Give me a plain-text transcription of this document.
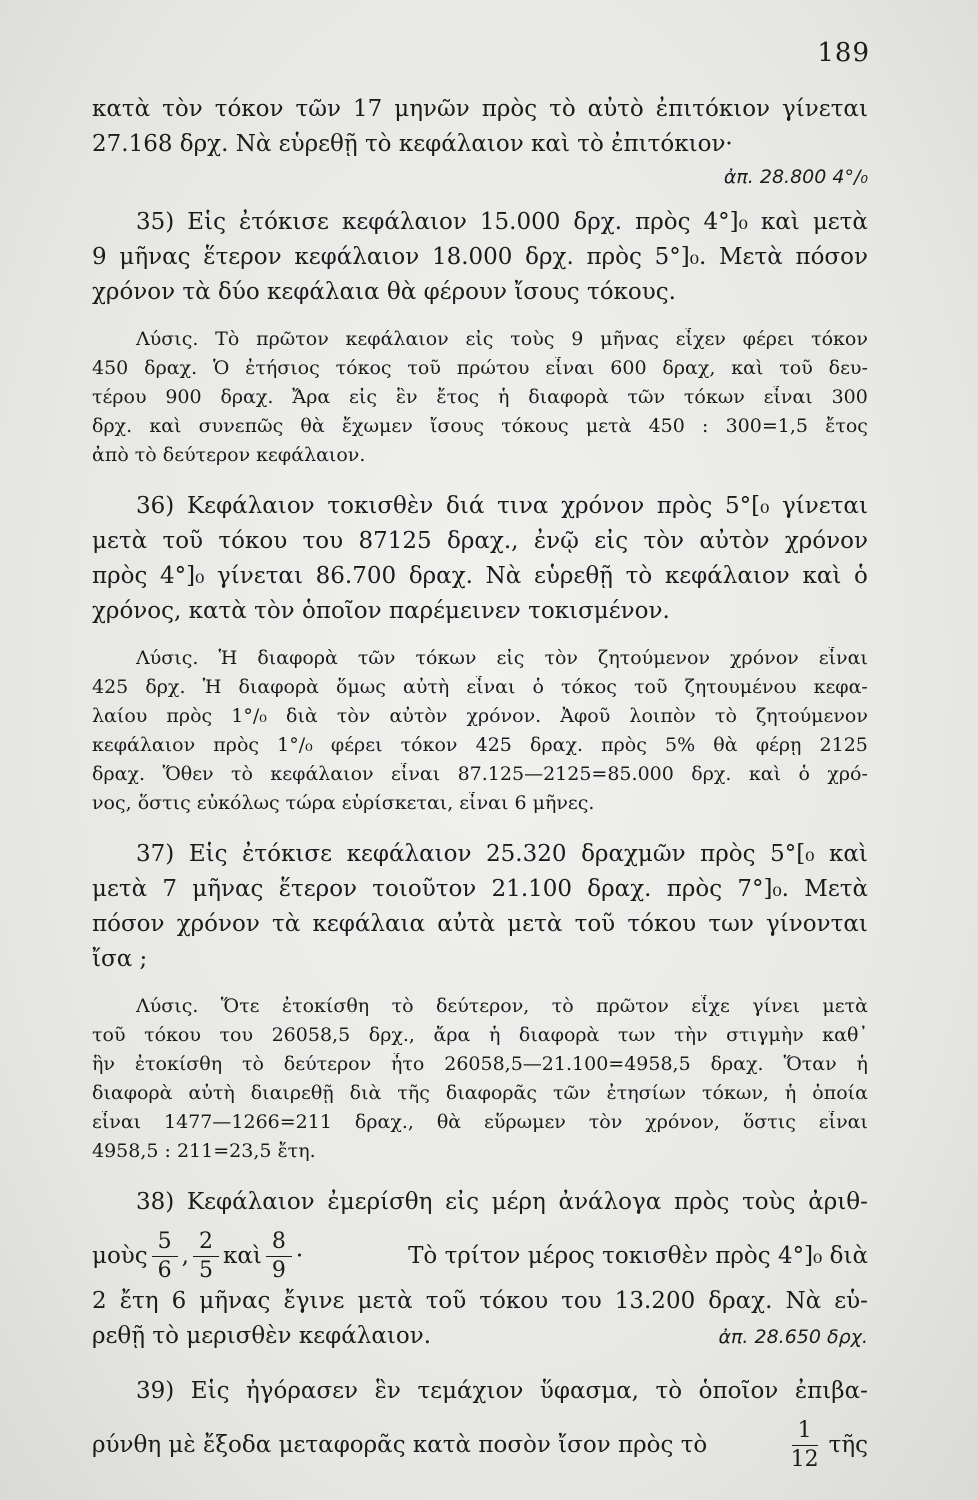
189
κατὰ τὸν τόκον τῶν 17 μηνῶν πρὸς τὸ αὐτὸ ἐπιτόκιον γίνεται
27.168 δρχ. Νὰ εὑρεθῇ τὸ κεφάλαιον καὶ τὸ ἐπιτόκιον·
ἀπ. 28.800 4°/₀
35) Εἷς ἐτόκισε κεφάλαιον 15.000 δρχ. πρὸς 4°]₀ καὶ μετὰ
9 μῆνας ἕτερον κεφάλαιον 18.000 δρχ. πρὸς 5°]₀. Μετὰ πόσον
χρόνον τὰ δύο κεφάλαια θὰ φέρουν ἴσους τόκους.
Λύσις. Τὸ πρῶτον κεφάλαιον εἰς τοὺς 9 μῆνας εἶχεν φέρει τόκον
450 δραχ. Ὁ ἐτήσιος τόκος τοῦ πρώτου εἶναι 600 δραχ, καὶ τοῦ δευ-
τέρου 900 δραχ. Ἄρα εἰς ἓν ἔτος ἡ διαφορὰ τῶν τόκων εἶναι 300
δρχ. καὶ συνεπῶς θὰ ἔχωμεν ἴσους τόκους μετὰ 450 : 300=1,5 ἔτος
ἀπὸ τὸ δεύτερον κεφάλαιον.
36) Κεφάλαιον τοκισθὲν διά τινα χρόνον πρὸς 5°[₀ γίνεται
μετὰ τοῦ τόκου του 87125 δραχ., ἐνῷ εἰς τὸν αὐτὸν χρόνον
πρὸς 4°]₀ γίνεται 86.700 δραχ. Νὰ εὑρεθῇ τὸ κεφάλαιον καὶ ὁ
χρόνος, κατὰ τὸν ὁποῖον παρέμεινεν τοκισμένον.
Λύσις. Ἡ διαφορὰ τῶν τόκων εἰς τὸν ζητούμενον χρόνον εἶναι
425 δρχ. Ἡ διαφορὰ ὅμως αὐτὴ εἶναι ὁ τόκος τοῦ ζητουμένου κεφα-
λαίου πρὸς 1°/₀ διὰ τὸν αὐτὸν χρόνον. Ἀφοῦ λοιπὸν τὸ ζητούμενον
κεφάλαιον πρὸς 1°/₀ φέρει τόκον 425 δραχ. πρὸς 5% θὰ φέρῃ 2125
δραχ. Ὅθεν τὸ κεφάλαιον εἶναι 87.125—2125=85.000 δρχ. καὶ ὁ χρό-
νος, ὅστις εὐκόλως τώρα εὑρίσκεται, εἶναι 6 μῆνες.
37) Εἷς ἐτόκισε κεφάλαιον 25.320 δραχμῶν πρὸς 5°[₀ καὶ
μετὰ 7 μῆνας ἕτερον τοιοῦτον 21.100 δραχ. πρὸς 7°]₀. Μετὰ
πόσον χρόνον τὰ κεφάλαια αὐτὰ μετὰ τοῦ τόκου των γίνονται
ἴσα ;
Λύσις. Ὅτε ἐτοκίσθη τὸ δεύτερον, τὸ πρῶτον εἶχε γίνει μετὰ
τοῦ τόκου του 26058,5 δρχ., ἄρα ἡ διαφορὰ των τὴν στιγμὴν καθ᾽
ἣν ἐτοκίσθη τὸ δεύτερον ἦτο 26058,5—21.100=4958,5 δραχ. Ὅταν ἡ
διαφορὰ αὐτὴ διαιρεθῇ διὰ τῆς διαφορᾶς τῶν ἐτησίων τόκων, ἡ ὁποία
εἶναι 1477—1266=211 δραχ., θὰ εὕρωμεν τὸν χρόνον, ὅστις εἶναι
4958,5 : 211=23,5 ἔτη.
38) Κεφάλαιον ἐμερίσθη εἰς μέρη ἀνάλογα πρὸς τοὺς ἀριθ-
μοὺς $\frac{5}{6}$ , $\frac{2}{5}$ καὶ $\frac{8}{9}$ ·	Τὸ τρίτον μέρος τοκισθὲν πρὸς 4°]₀ διὰ
2 ἔτη 6 μῆνας ἔγινε μετὰ τοῦ τόκου του 13.200 δραχ. Νὰ εὑ-
ρεθῇ τὸ μερισθὲν κεφάλαιον.	ἀπ. 28.650 δρχ.
39) Εἷς ἠγόρασεν ἓν τεμάχιον ὕφασμα, τὸ ὁποῖον ἐπιβα-
ρύνθη μὲ ἔξοδα μεταφορᾶς κατὰ ποσὸν ἴσον πρὸς τὸ	$\frac{1}{12}$ τῆς
